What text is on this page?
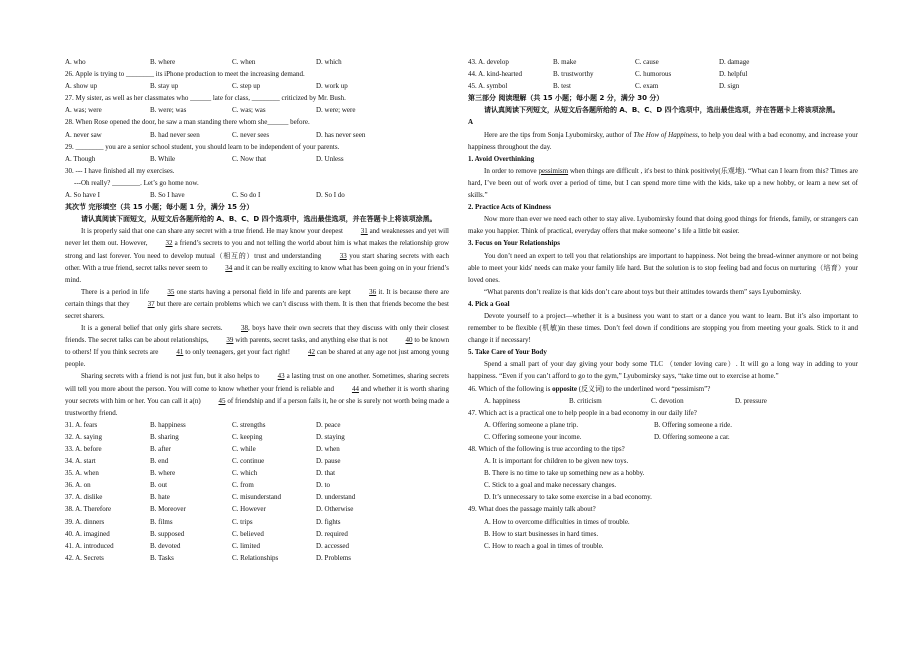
A. who	B. where	C. when	D. which
26. Apple is trying to ________ its iPhone production to meet the increasing demand.
A. show up	B. stay up	C. step up	D. work up
27. My sister, as well as her classmates who ______ late for class, ________ criticized by Mr. Bush.
A. was; were	B. were; was	C. was; was	D. were; were
28. When Rose opened the door, he saw a man standing there whom she______ before.
A. never saw	B. had never seen	C. never sees	D. has never seen
29. ________ you are a senior school student, you should learn to be independent of your parents.
A. Though	B. While	C. Now that	D. Unless
30. --- I have finished all my exercises.
---Oh really? ________. Let’s go home now.
A. So have I	B. So I have	C. So do I	D. So I do
其次节 完形填空（共 15 小题；每小题 1 分，满分 15 分）
请认真阅读下面短文，从短文后各题所给的 A、B、C、D 四个选项中，选出最佳选项，并在答题卡上将该项涂黑。
It is properly said that one can share any secret with a true friend. He may know your deepest	31 and weaknesses and yet will never let them out. However,	32 a friend’s secrets to you and not telling the world about him is what makes the relationship grow strong and last forever. You need to develop mutual（相互的）trust and understanding	33 you start sharing secrets with each other. With a true friend, secret talks never seem to	34 and it can be really exciting to know what has been going on in your friend’s mind.
There is a period in life	35 one starts having a personal field in life and parents are kept	36 it. It is because there are certain things that they	37 but there are certain problems which we can’t discuss with them. It is then that friends become the best secret sharers.
It is a general belief that only girls share secrets.	38, boys have their own secrets that they discuss with only their closest friends. The secret talks can be about relationships,	39 with parents, secret tasks, and anything else that is not	40 to be known to others! If you think secrets are	41 to only teenagers, get your fact right!	42 can be shared at any age not just among young people.
Sharing secrets with a friend is not just fun, but it also helps to	43 a lasting trust on one another. Sometimes, sharing secrets will tell you more about the person. You will come to know whether your friend is reliable and	44 and whether it is worth sharing your secrets with him or her. You can call it a(n)	45 of friendship and if a person fails it, he or she is surely not worth being made a trustworthy friend.
31. A. fears	B. happiness	C. strengths	D. peace
32. A. saying	B. sharing	C. keeping	D. staying
33. A. before	B. after	C. while	D. when
34. A. start	B. end	C. continue	D. pause
35. A. when	B. where	C. which	D. that
36. A. on	B. out	C. from	D. to
37. A. dislike	B. hate	C. misunderstand	D. understand
38. A. Therefore	B. Moreover	C. However	D. Otherwise
39. A. dinners	B. films	C. trips	D. fights
40. A. imagined	B. supposed	C. believed	D. required
41. A. introduced	B. devoted	C. limited	D. accessed
42. A. Secrets	B. Tasks	C. Relationships	D. Problems
43. A. develop	B. make	C. cause	D. damage
44. A. kind-hearted	B. trustworthy	C. humorous	D. helpful
45. A. symbol	B. test	C. exam	D. sign
第三部分 阅读理解（共 15 小题；每小题 2 分，满分 30 分）
请认真阅读下列短文，从短文后各题所给的 A、B、C、D 四个选项中，选出最佳选项，并在答题卡上将该项涂黑。
A
Here are the tips from Sonja Lyubomirsky, author of The How of Happiness, to help you deal with a bad economy, and increase your happiness throughout the day.
1. Avoid Overthinking
In order to remove pessimism when things are difficult , it's best to think positively(乐观地). “What can I learn from this? Times are hard, I’ve been out of work over a period of time, but I can spend more time with the kids, take up a new hobby, or learn a new set of skills.”
2. Practice Acts of Kindness
Now more than ever we need each other to stay alive. Lyubomirsky found that doing good things for friends, family, or strangers can make you happier. Think of practical, everyday offers that make someone’ s life a little bit easier.
3. Focus on Your Relationships
You don’t need an expert to tell you that relationships are important to happiness. Not being the bread-winner anymore or not being able to meet your kids' needs can make your family life hard. But the solution is to stop feeling bad and focus on nurturing（培育）your loved ones.
“What parents don’t realize is that kids don’t care about toys but their attitudes towards them” says Lyubomirsky.
4. Pick a Goal
Devote yourself to a project—whether it is a business you want to start or a dance you want to learn. But it’s also important to remember to be flexible (机敏)in these times. Don’t feel down if conditions are stopping you from meeting your goals. Stick to it and change it if necessary!
5. Take Care of Your Body
Spend a small part of your day giving your body some TLC （tender loving care）. It will go a long way in adding to your happiness. “Even if you can’t afford to go to the gym,” Lyubomirsky says, “take time out to exercise at home.”
46. Which of the following is opposite (反义词) to the underlined word “pessimism”?
A. happiness	B. criticism	C. devotion	D. pressure
47. Which act is a practical one to help people in a bad economy in our daily life?
A. Offering someone a plane trip.	B. Offering someone a ride.
C. Offering someone your income.	D. Offering someone a car.
48. Which of the following is true according to the tips?
A. It is important for children to be given new toys.
B. There is no time to take up something new as a hobby.
C. Stick to a goal and make necessary changes.
D. It’s unnecessary to take some exercise in a bad economy.
49. What does the passage mainly talk about?
A. How to overcome difficulties in times of trouble.
B. How to start businesses in hard times.
C. How to reach a goal in times of trouble.
